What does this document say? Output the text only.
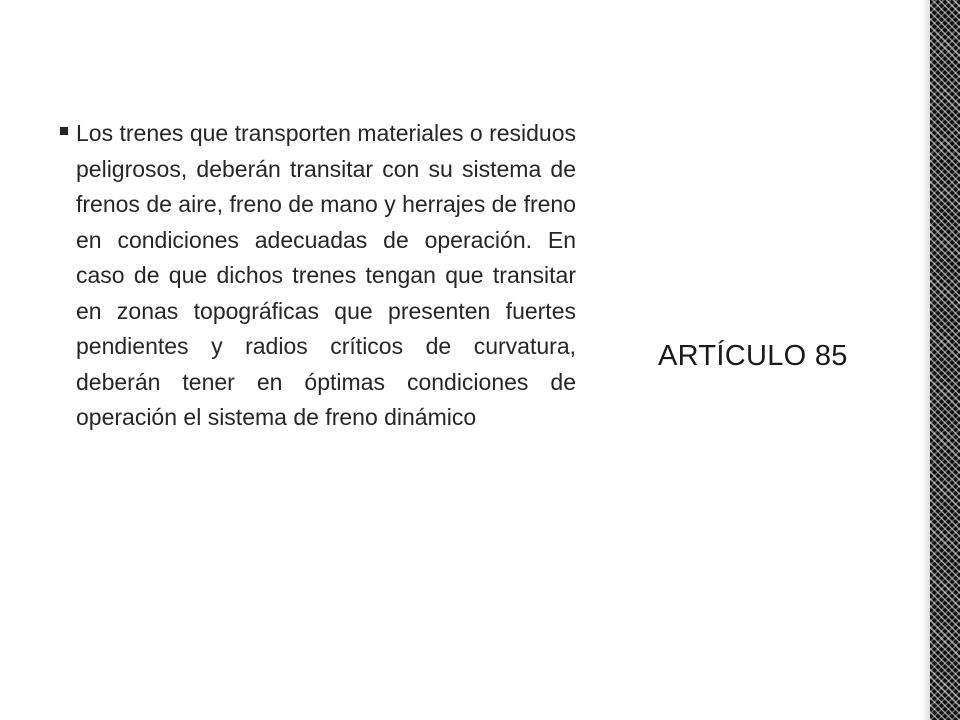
Los trenes que transporten materiales o residuos peligrosos, deberán transitar con su sistema de frenos de aire, freno de mano y herrajes de freno en condiciones adecuadas de operación. En caso de que dichos trenes tengan que transitar en zonas topográficas que presenten fuertes pendientes y radios críticos de curvatura, deberán tener en óptimas condiciones de operación el sistema de freno dinámico

ARTÍCULO 85
